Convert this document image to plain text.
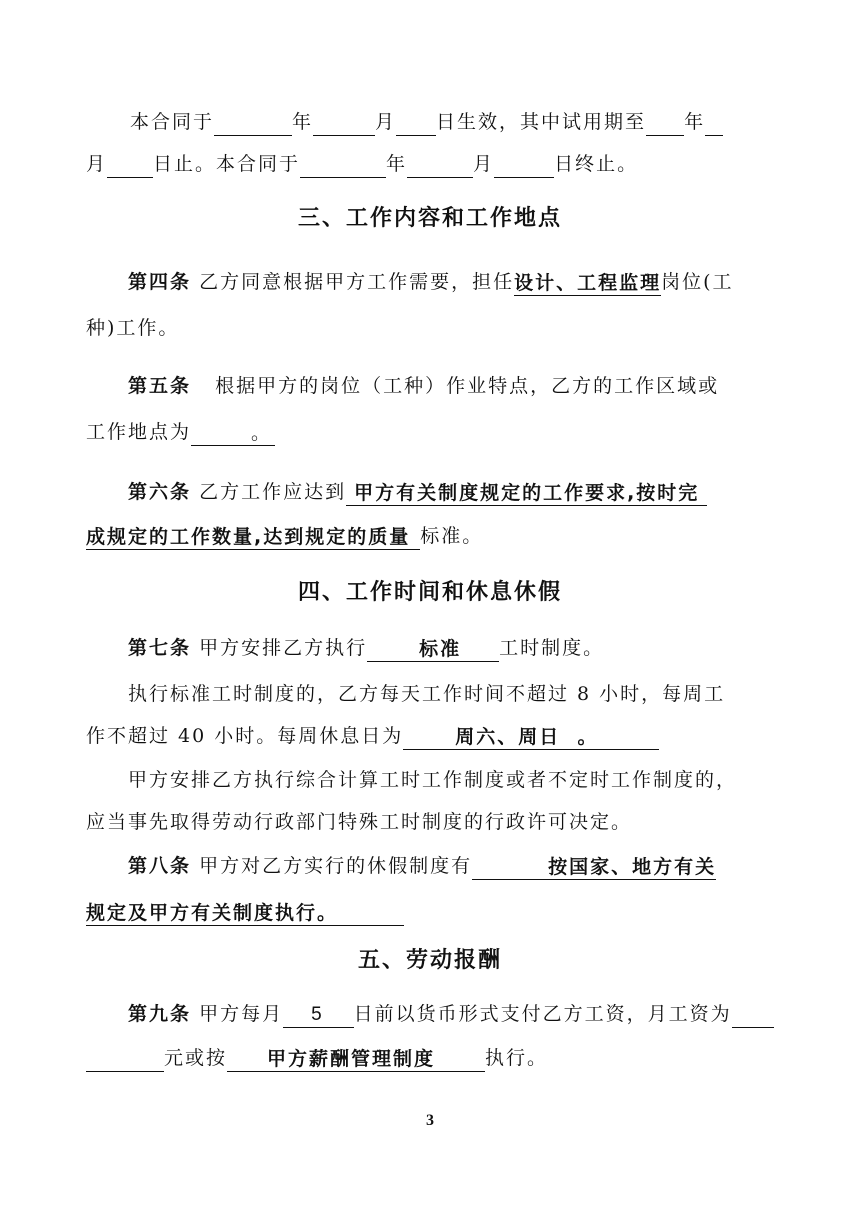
本合同于	年	月 日生效，其中试用期至 年
月 日止。本合同于	年	月	日终止。
三、工作内容和工作地点
第四条 乙方同意根据甲方工作需要，担任设计、工程监理岗位(工
种)工作。
第五条 根据甲方的岗位（工种）作业特点，乙方的工作区域或
工作地点为	。
第六条 乙方工作应达到 甲方有关制度规定的工作要求,按时完
成规定的工作数量,达到规定的质量 标准。
四、工作时间和休息休假
第七条 甲方安排乙方执行	标准 工时制度。
执行标准工时制度的，乙方每天工作时间不超过 8 小时，每周工
作不超过 40 小时。每周休息日为	周六、周日 。
甲方安排乙方执行综合计算工时工作制度或者不定时工作制度的，
应当事先取得劳动行政部门特殊工时制度的行政许可决定。
第八条 甲方对乙方实行的休假制度有	按国家、地方有关
规定及甲方有关制度执行。
五、劳动报酬
第九条 甲方每月 5 日前以货币形式支付乙方工资，月工资为
元或按 甲方薪酬管理制度	执行。
3
